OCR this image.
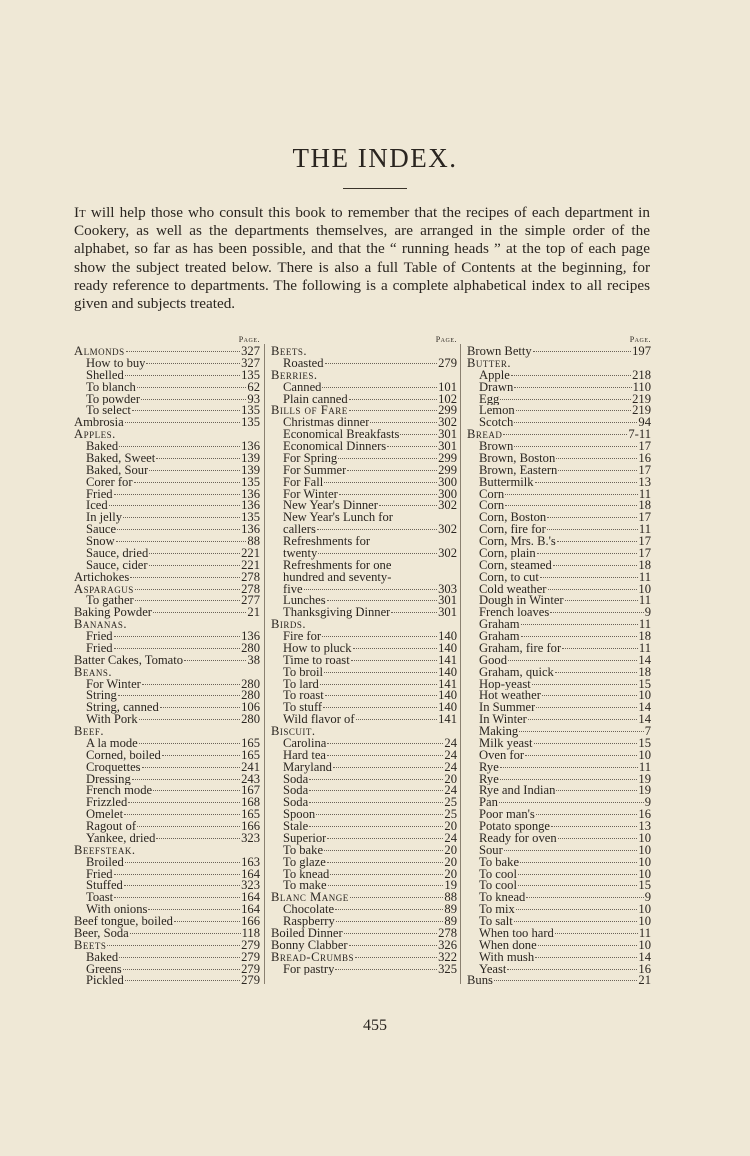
THE INDEX.

It will help those who consult this book to remember that the recipes of each department in Cookery, as well as the departments themselves, are arranged in the simple order of the alphabet, so far as has been possible, and that the “ running heads ” at the top of each page show the subject treated below. There is also a full Table of Contents at the beginning, for ready reference to departments. The following is a complete alphabetical index to all recipes given and subjects treated.

Page.
Almonds	327
How to buy	327
Shelled	135
To blanch	62
To powder	93
To select	135
Ambrosia	135
Apples.
Baked	136
Baked, Sweet	139
Baked, Sour	139
Corer for	135
Fried	136
Iced	136
In jelly	135
Sauce	136
Snow	88
Sauce, dried	221
Sauce, cider	221
Artichokes	278
Asparagus	278
To gather	277
Baking Powder	21
Bananas.
Fried	136
Fried	280
Batter Cakes, Tomato	38
Beans.
For Winter	280
String	280
String, canned	106
With Pork	280
Beef.
A la mode	165
Corned, boiled	165
Croquettes	241
Dressing	243
French mode	167
Frizzled	168
Omelet	165
Ragout of	166
Yankee, dried	323
Beefsteak.
Broiled	163
Fried	164
Stuffed	323
Toast	164
With onions	164
Beef tongue, boiled	166
Beer, Soda	118
Beets	279
Baked	279
Greens	279
Pickled	279
Page.
Beets.
Roasted	279
Berries.
Canned	101
Plain canned	102
Bills of Fare	299
Christmas dinner	302
Economical Breakfasts	301
Economical Dinners	301
For Spring	299
For Summer	299
For Fall	300
For Winter	300
New Year's Dinner	302
New Year's Lunch for
callers	302
Refreshments for
twenty	302
Refreshments for one
hundred and seventy-
five	303
Lunches	301
Thanksgiving Dinner	301
Birds.
Fire for	140
How to pluck	140
Time to roast	141
To broil	140
To lard	141
To roast	140
To stuff	140
Wild flavor of	141
Biscuit.
Carolina	24
Hard tea	24
Maryland	24
Soda	20
Soda	24
Soda	25
Spoon	25
Stale	20
Superior	24
To bake	20
To glaze	20
To knead	20
To make	19
Blanc Mange	88
Chocolate	89
Raspberry	89
Boiled Dinner	278
Bonny Clabber	326
Bread-Crumbs	322
For pastry	325
Page.
Brown Betty	197
Butter.
Apple	218
Drawn	110
Egg	219
Lemon	219
Scotch	94
Bread	7-11
Brown	17
Brown, Boston	16
Brown, Eastern	17
Buttermilk	13
Corn	11
Corn	18
Corn, Boston	17
Corn, fire for	11
Corn, Mrs. B.'s	17
Corn, plain	17
Corn, steamed	18
Corn, to cut	11
Cold weather	10
Dough in Winter	11
French loaves	9
Graham	11
Graham	18
Graham, fire for	11
Good	14
Graham, quick	18
Hop-yeast	15
Hot weather	10
In Summer	14
In Winter	14
Making	7
Milk yeast	15
Oven for	10
Rye	11
Rye	19
Rye and Indian	19
Pan	9
Poor man's	16
Potato sponge	13
Ready for oven	10
Sour	10
To bake	10
To cool	10
To cool	15
To knead	9
To mix	10
To salt	10
When too hard	11
When done	10
With mush	14
Yeast	16
Buns	21
455
